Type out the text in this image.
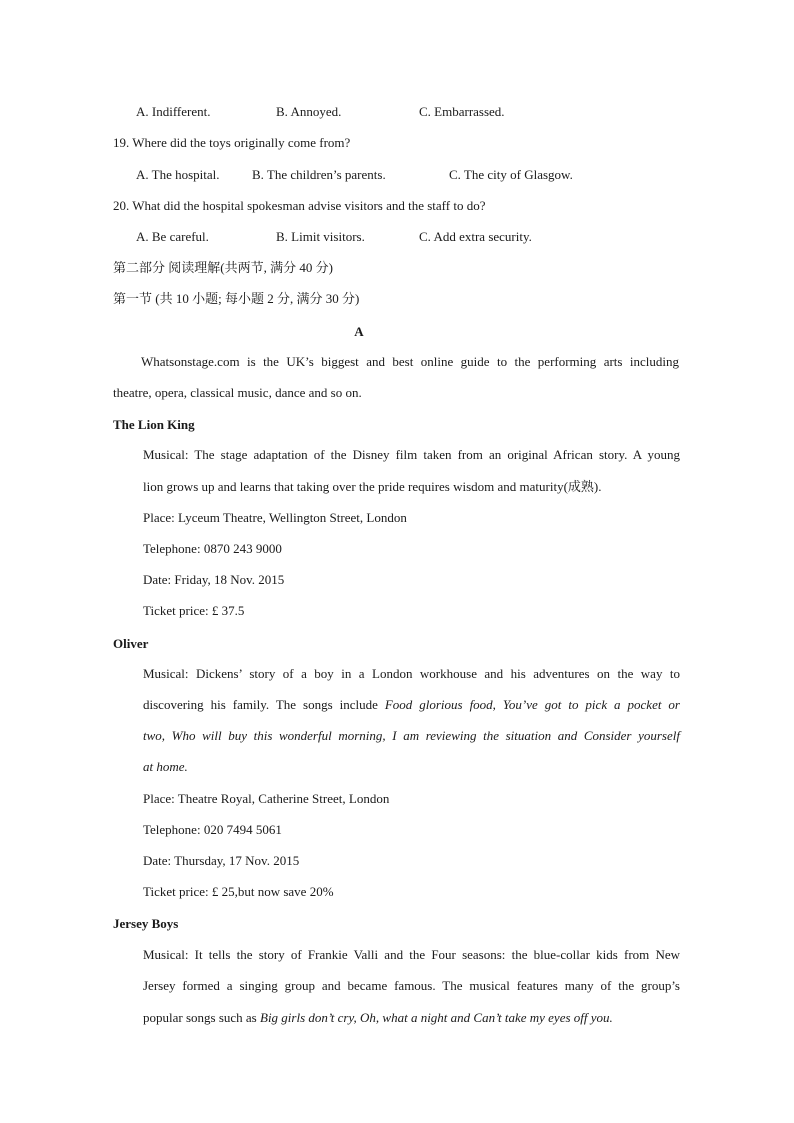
A. Indifferent.	B. Annoyed.	C. Embarrassed.
19. Where did the toys originally come from?
A. The hospital. B. The children’s parents.	C. The city of Glasgow.
20. What did the hospital spokesman advise visitors and the staff to do?
A. Be careful.	B. Limit visitors.	C. Add extra security.
第二部分 阅读理解(共两节, 满分 40 分)
第一节 (共 10 小题; 每小题 2 分, 满分 30 分)
A
Whatsonstage.com is the UK’s biggest and best online guide to the performing arts including
theatre, opera, classical music, dance and so on.
The Lion King
Musical: The stage adaptation of the Disney film taken from an original African story. A young
lion grows up and learns that taking over the pride requires wisdom and maturity(成熟).
Place: Lyceum Theatre, Wellington Street, London
Telephone: 0870 243 9000
Date: Friday, 18 Nov. 2015
Ticket price: £ 37.5
Oliver
Musical: Dickens’ story of a boy in a London workhouse and his adventures on the way to
discovering his family. The songs include Food glorious food, You’ve got to pick a pocket or
two, Who will buy this wonderful morning, I am reviewing the situation and Consider yourself
at home.
Place: Theatre Royal, Catherine Street, London
Telephone: 020 7494 5061
Date: Thursday, 17 Nov. 2015
Ticket price: £ 25,but now save 20%
Jersey Boys
Musical: It tells the story of Frankie Valli and the Four seasons: the blue-collar kids from New
Jersey formed a singing group and became famous. The musical features many of the group’s
popular songs such as Big girls don’t cry, Oh, what a night and Can’t take my eyes off you.
